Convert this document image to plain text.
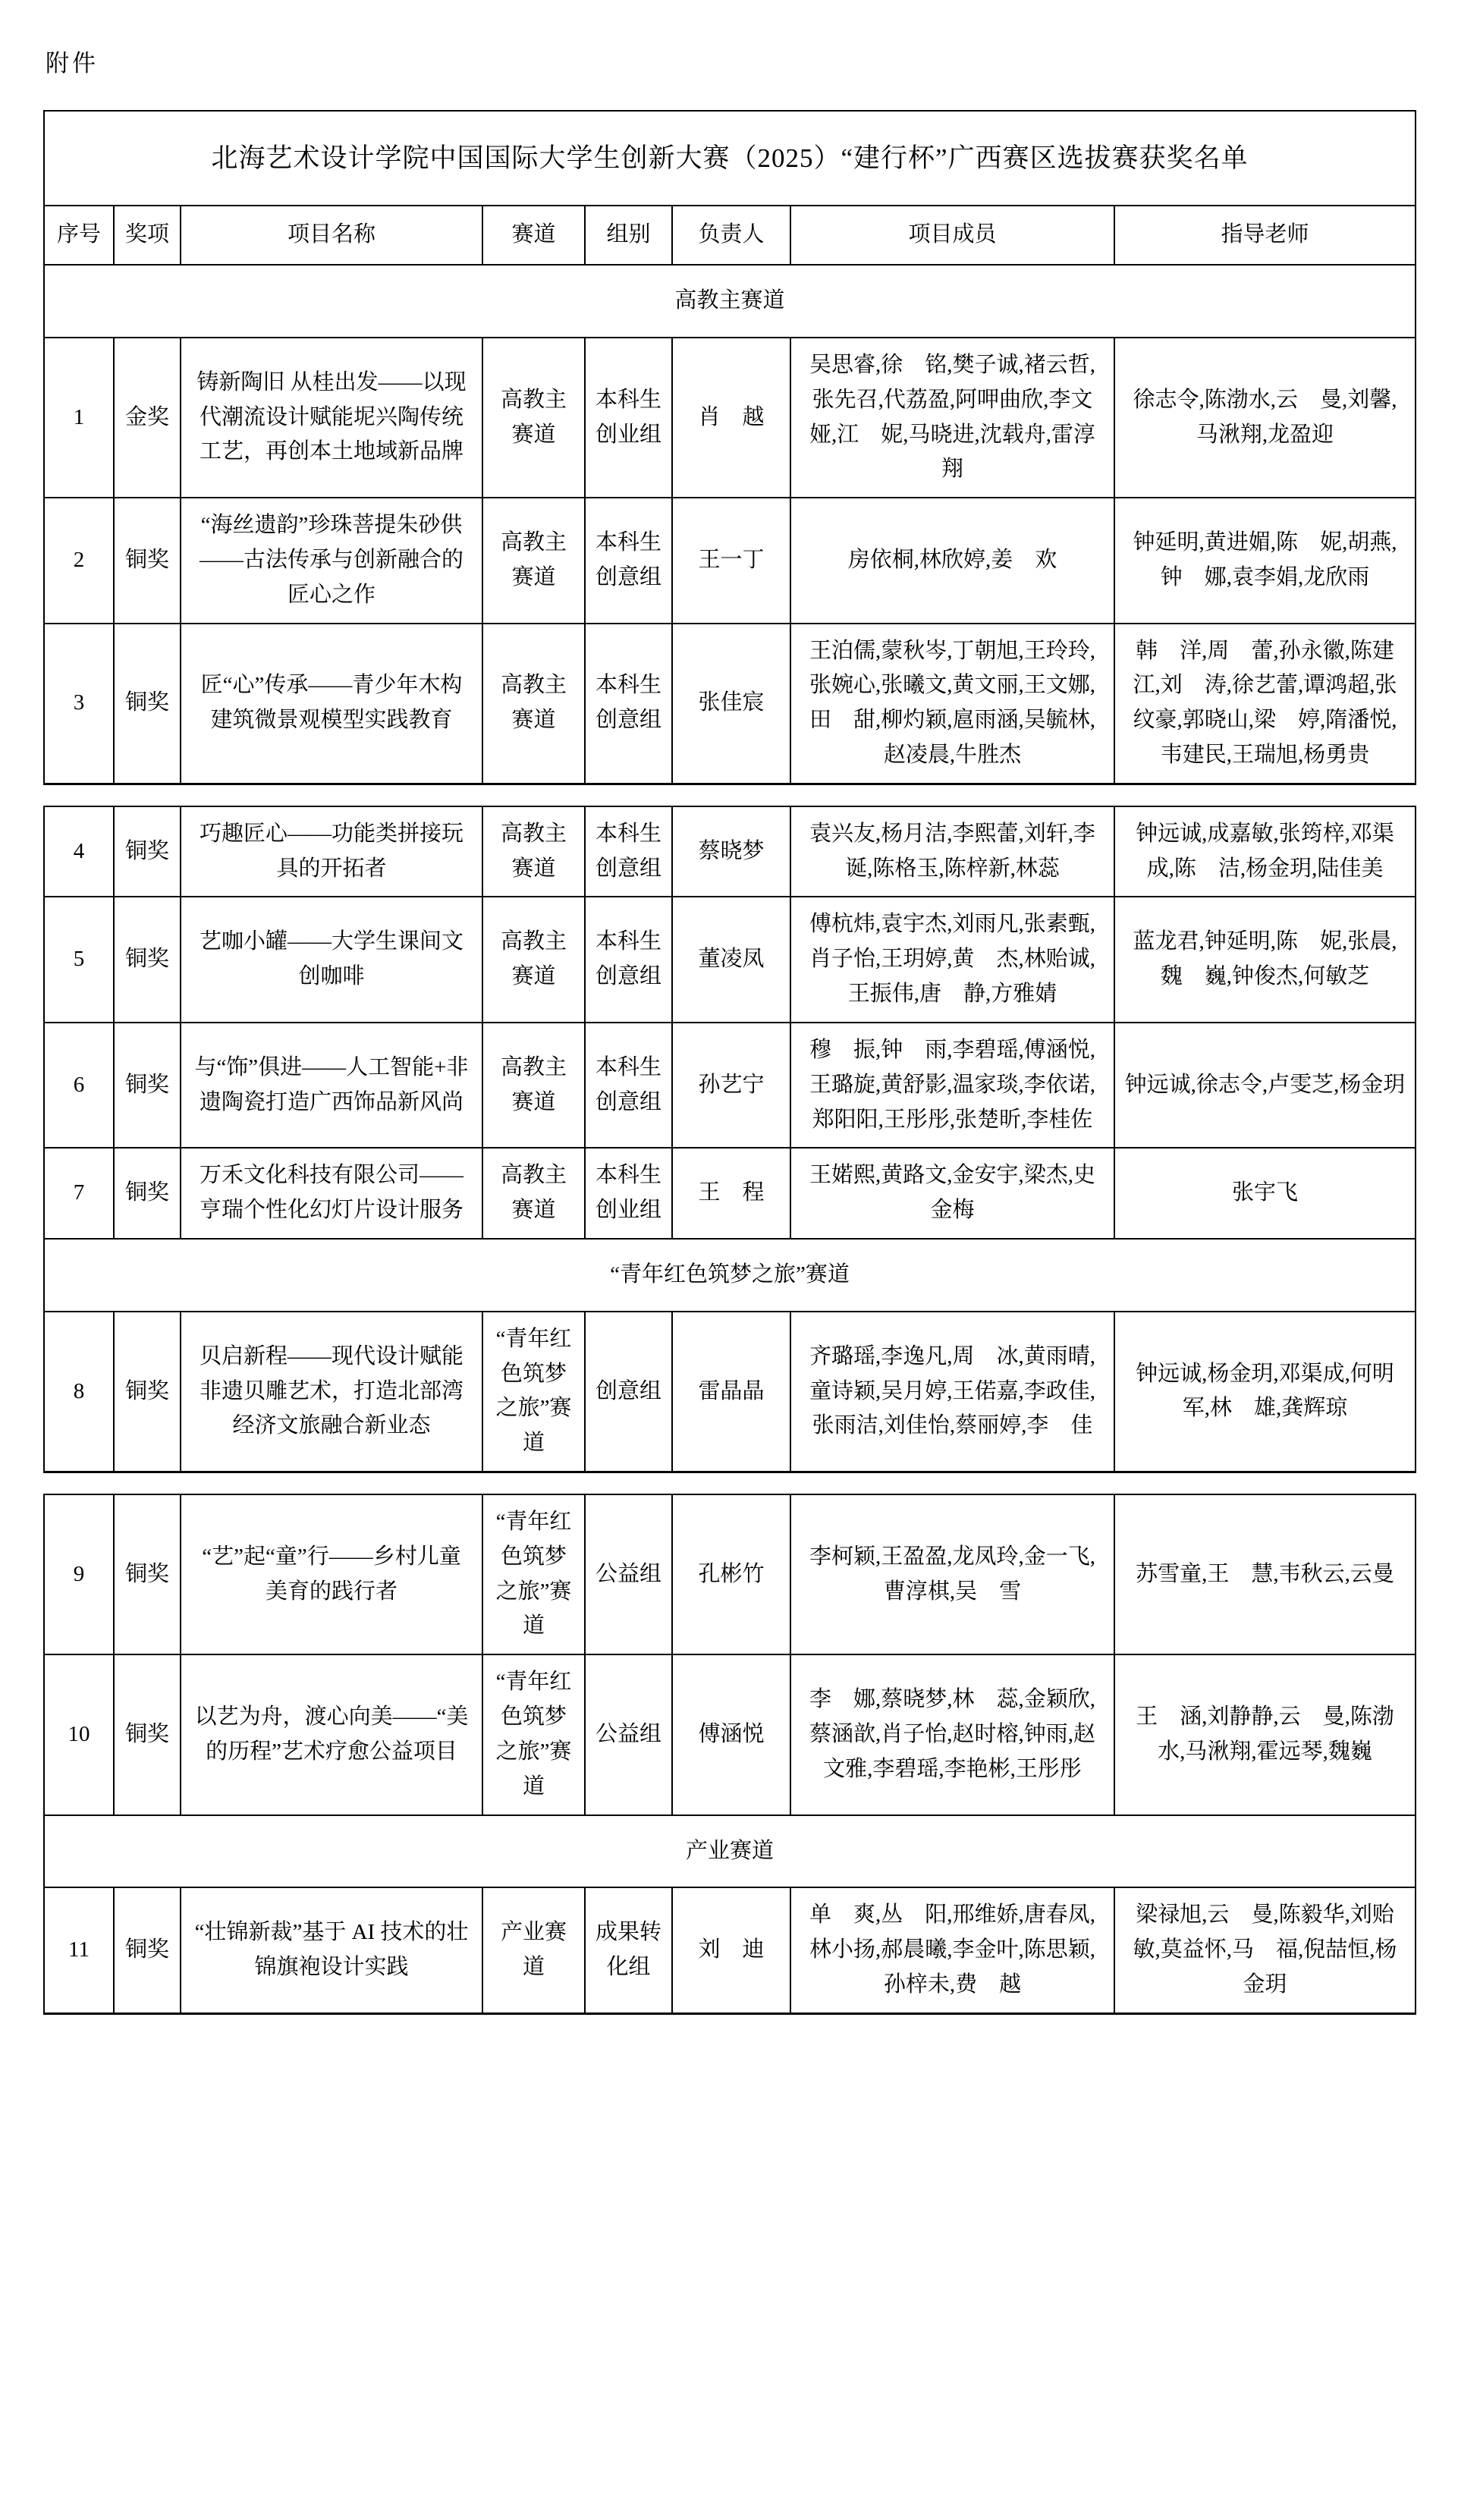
附件
北海艺术设计学院中国国际大学生创新大赛（2025）“建行杯”广西赛区选拔赛获奖名单							
序号	奖项	项目名称	赛道	组别	负责人	项目成员	指导老师
高教主赛道							
1	金奖	铸新陶旧 从桂出发——以现代潮流设计赋能坭兴陶传统工艺，再创本土地域新品牌	高教主赛道	本科生创业组	肖　越	吴思睿,徐　铭,樊子诚,褚云哲,张先召,代荔盈,阿呷曲欣,李文娅,江　妮,马晓进,沈载舟,雷淳翔	徐志令,陈渤水,云　曼,刘馨,马湫翔,龙盈迎
2	铜奖	“海丝遗韵”珍珠菩提朱砂供——古法传承与创新融合的匠心之作	高教主赛道	本科生创意组	王一丁	房依桐,林欣婷,姜　欢	钟延明,黄进媚,陈　妮,胡燕,钟　娜,袁李娟,龙欣雨
3	铜奖	匠“心”传承——青少年木构建筑微景观模型实践教育	高教主赛道	本科生创意组	张佳宸	王泊儒,蒙秋岑,丁朝旭,王玲玲,张婉心,张曦文,黄文丽,王文娜,田　甜,柳灼颖,扈雨涵,吴毓林,赵凌晨,牛胜杰	韩　洋,周　蕾,孙永徽,陈建江,刘　涛,徐艺蕾,谭鸿超,张纹豪,郭晓山,梁　婷,隋潘悦,韦建民,王瑞旭,杨勇贵
4	铜奖	巧趣匠心——功能类拼接玩具的开拓者	高教主赛道	本科生创意组	蔡晓梦	袁兴友,杨月洁,李熙蕾,刘轩,李　诞,陈格玉,陈梓新,林蕊	钟远诚,成嘉敏,张筠梓,邓渠成,陈　洁,杨金玥,陆佳美
5	铜奖	艺咖小罐——大学生课间文创咖啡	高教主赛道	本科生创意组	董凌凤	傅杭炜,袁宇杰,刘雨凡,张素甄,肖子怡,王玥婷,黄　杰,林贻诚,王振伟,唐　静,方雅婧	蓝龙君,钟延明,陈　妮,张晨,魏　巍,钟俊杰,何敏芝
6	铜奖	与“饰”俱进——人工智能+非遗陶瓷打造广西饰品新风尚	高教主赛道	本科生创意组	孙艺宁	穆　振,钟　雨,李碧瑶,傅涵悦,王璐旋,黄舒影,温家琰,李依诺,郑阳阳,王彤彤,张楚昕,李桂佐	钟远诚,徐志令,卢雯芝,杨金玥
7	铜奖	万禾文化科技有限公司——亨瑞个性化幻灯片设计服务	高教主赛道	本科生创业组	王　程	王婼熙,黄路文,金安宇,梁杰,史金梅	张宇飞
“青年红色筑梦之旅”赛道							
8	铜奖	贝启新程——现代设计赋能非遗贝雕艺术，打造北部湾经济文旅融合新业态	“青年红色筑梦之旅”赛道	创意组	雷晶晶	齐璐瑶,李逸凡,周　冰,黄雨晴,童诗颖,吴月婷,王偌嘉,李政佳,张雨洁,刘佳怡,蔡丽婷,李　佳	钟远诚,杨金玥,邓渠成,何明军,林　雄,龚辉琼
9	铜奖	“艺”起“童”行——乡村儿童美育的践行者	“青年红色筑梦之旅”赛道	公益组	孔彬竹	李柯颖,王盈盈,龙凤玲,金一飞,曹淳棋,吴　雪	苏雪童,王　慧,韦秋云,云曼
10	铜奖	以艺为舟，渡心向美——“美的历程”艺术疗愈公益项目	“青年红色筑梦之旅”赛道	公益组	傅涵悦	李　娜,蔡晓梦,林　蕊,金颖欣,蔡涵歆,肖子怡,赵时榕,钟雨,赵文雅,李碧瑶,李艳彬,王彤彤	王　涵,刘静静,云　曼,陈渤水,马湫翔,霍远琴,魏巍
产业赛道							
11	铜奖	“壮锦新裁”基于 AI 技术的壮锦旗袍设计实践	产业赛道	成果转化组	刘　迪	单　爽,丛　阳,邢维娇,唐春凤,林小扬,郝晨曦,李金叶,陈思颖,孙梓未,费　越	梁禄旭,云　曼,陈毅华,刘贻敏,莫益怀,马　福,倪喆恒,杨金玥
